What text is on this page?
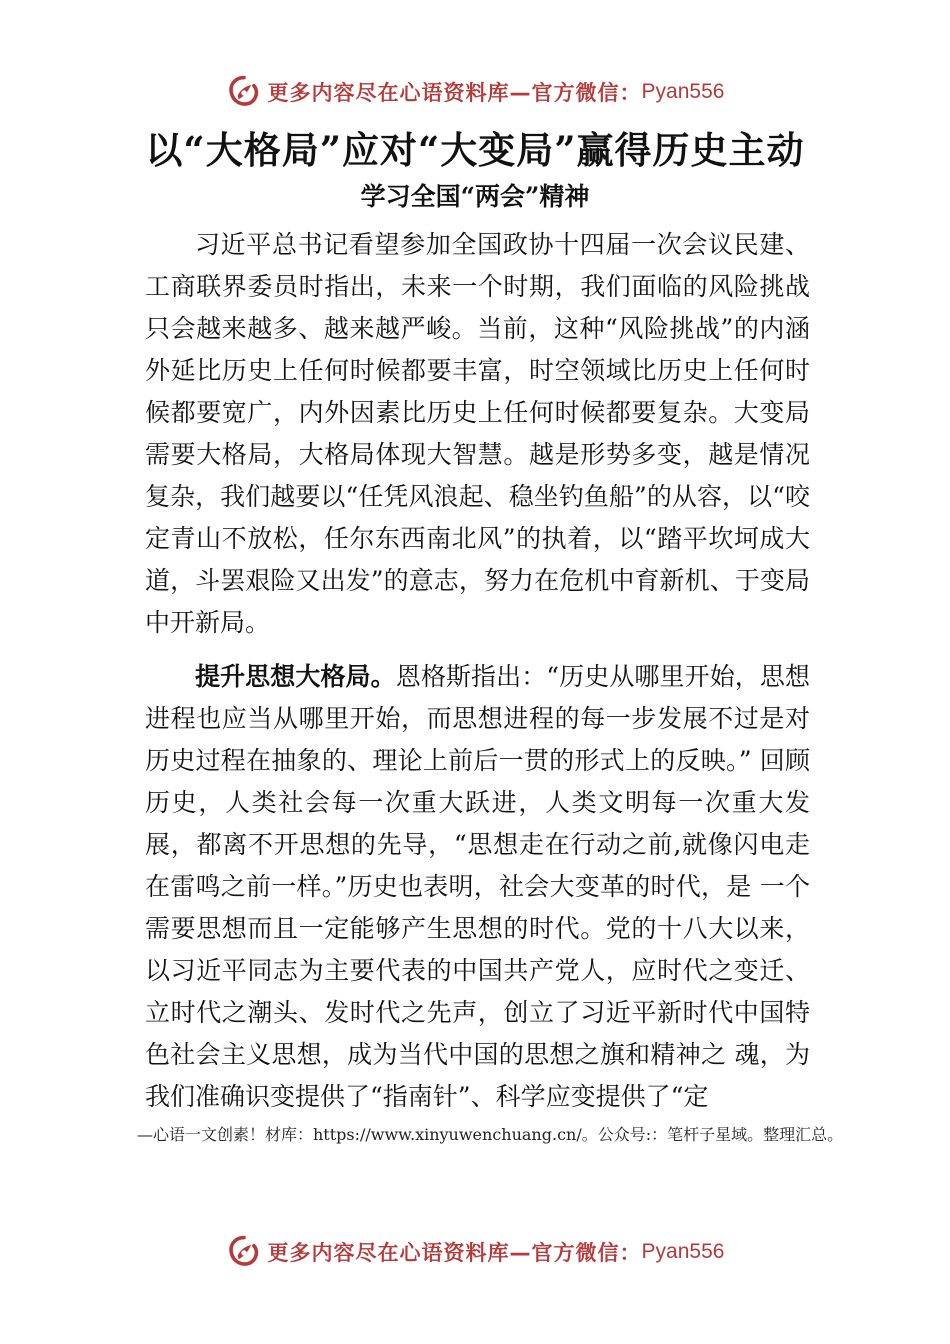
更多内容尽在心语资料库—官方微信： Pyan556
以“大格局”应对“大变局”赢得历史主动
学习全国“两会”精神

习近平总书记看望参加全国政协十四届一次会议民建、工商联界委员时指出，未来一个时期，我们面临的风险挑战只会越来越多、越来越严峻。当前，这种“风险挑战”的内涵外延比历史上任何时候都要丰富，时空领域比历史上任何时候都要宽广，内外因素比历史上任何时候都要复杂。大变局需要大格局，大格局体现大智慧。越是形势多变，越是情况复杂，我们越要以“任凭风浪起、稳坐钓鱼船”的从容，以“咬定青山不放松，任尔东西南北风”的执着，以“踏平坎坷成大道，斗罢艰险又出发”的意志，努力在危机中育新机、于变局中开新局。

提升思想大格局。恩格斯指出：“历史从哪里开始，思想进程也应当从哪里开始，而思想进程的每一步发展不过是对历史过程在抽象的、理论上前后一贯的形式上的反映。” 回顾历史，人类社会每一次重大跃进，人类文明每一次重大发展，都离不开思想的先导，“思想走在行动之前,就像闪电走在雷鸣之前一样。”历史也表明，社会大变革的时代，是 一个需要思想而且一定能够产生思想的时代。党的十八大以来，以习近平同志为主要代表的中国共产党人，应时代之变迁、立时代之潮头、发时代之先声，创立了习近平新时代中国特色社会主义思想，成为当代中国的思想之旗和精神之 魂，为我们准确识变提供了“指南针”、科学应变提供了“定

—心语一文创素！材库：https://www.xinyuwenchuang.cn/。公众号:：笔杆子星域。整理汇总。
更多内容尽在心语资料库—官方微信： Pyan556
